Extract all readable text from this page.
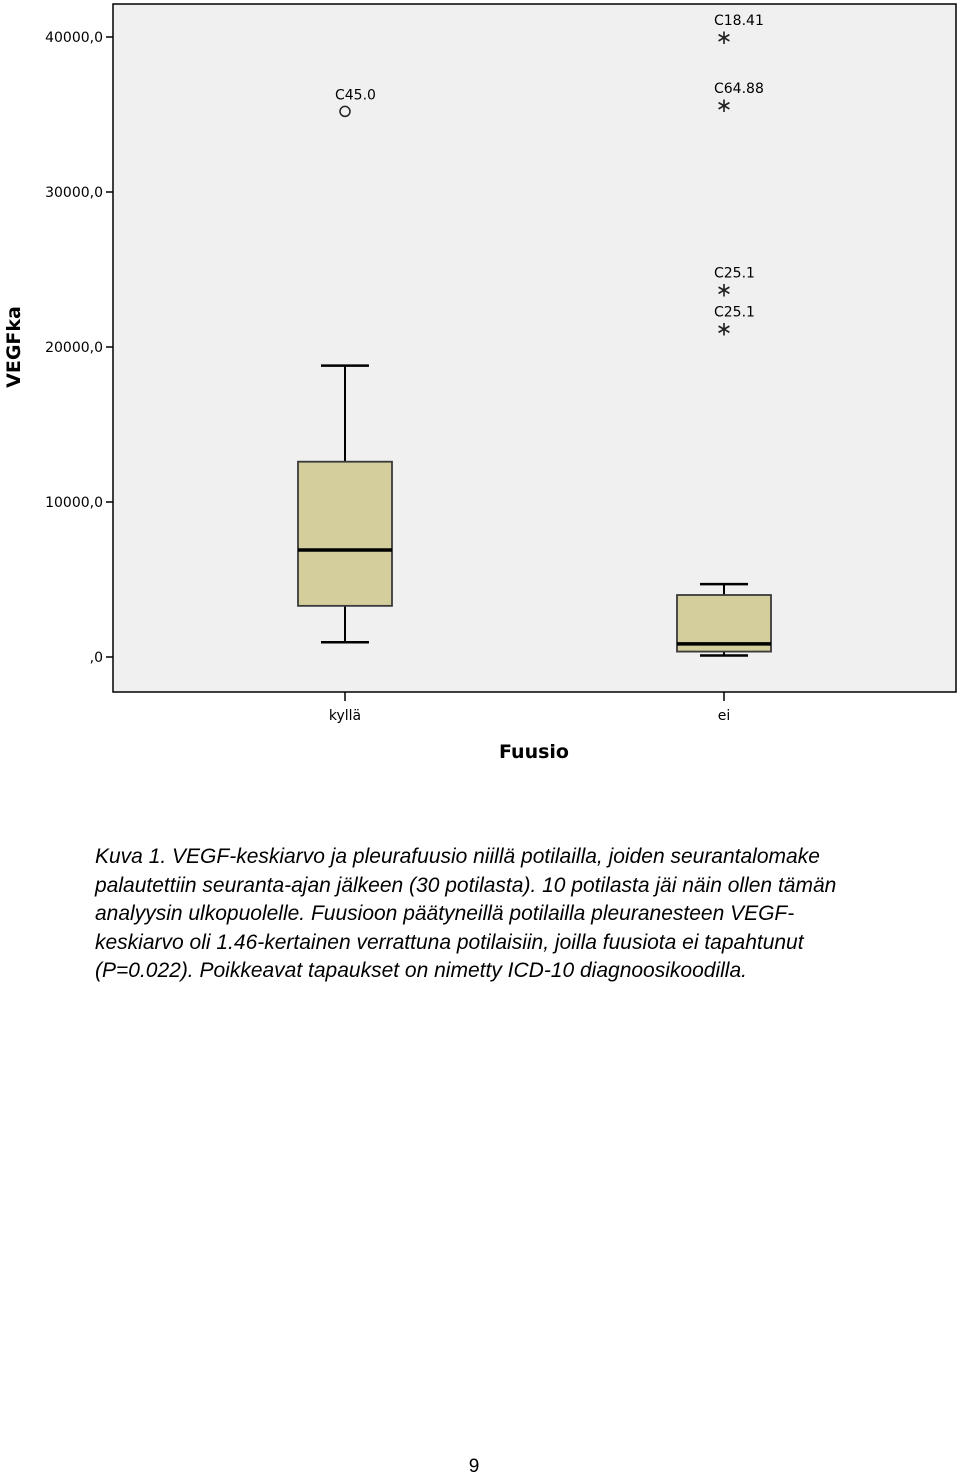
,0
10000,0
20000,0
30000,0
40000,0
kyllä	ei
C45.0
∗
C18.41
∗
C64.88
∗
C25.1
∗
C25.1
VEGFka
Fuusio

Kuva 1. VEGF-keskiarvo ja pleurafuusio niillä potilailla, joiden seurantalomake palautettiin seuranta-ajan jälkeen (30 potilasta). 10 potilasta jäi näin ollen tämän analyysin ulkopuolelle. Fuusioon päätyneillä potilailla pleuranesteen VEGF-keskiarvo oli 1.46-kertainen verrattuna potilaisiin, joilla fuusiota ei tapahtunut (P=0.022). Poikkeavat tapaukset on nimetty ICD-10 diagnoosikoodilla.

9
